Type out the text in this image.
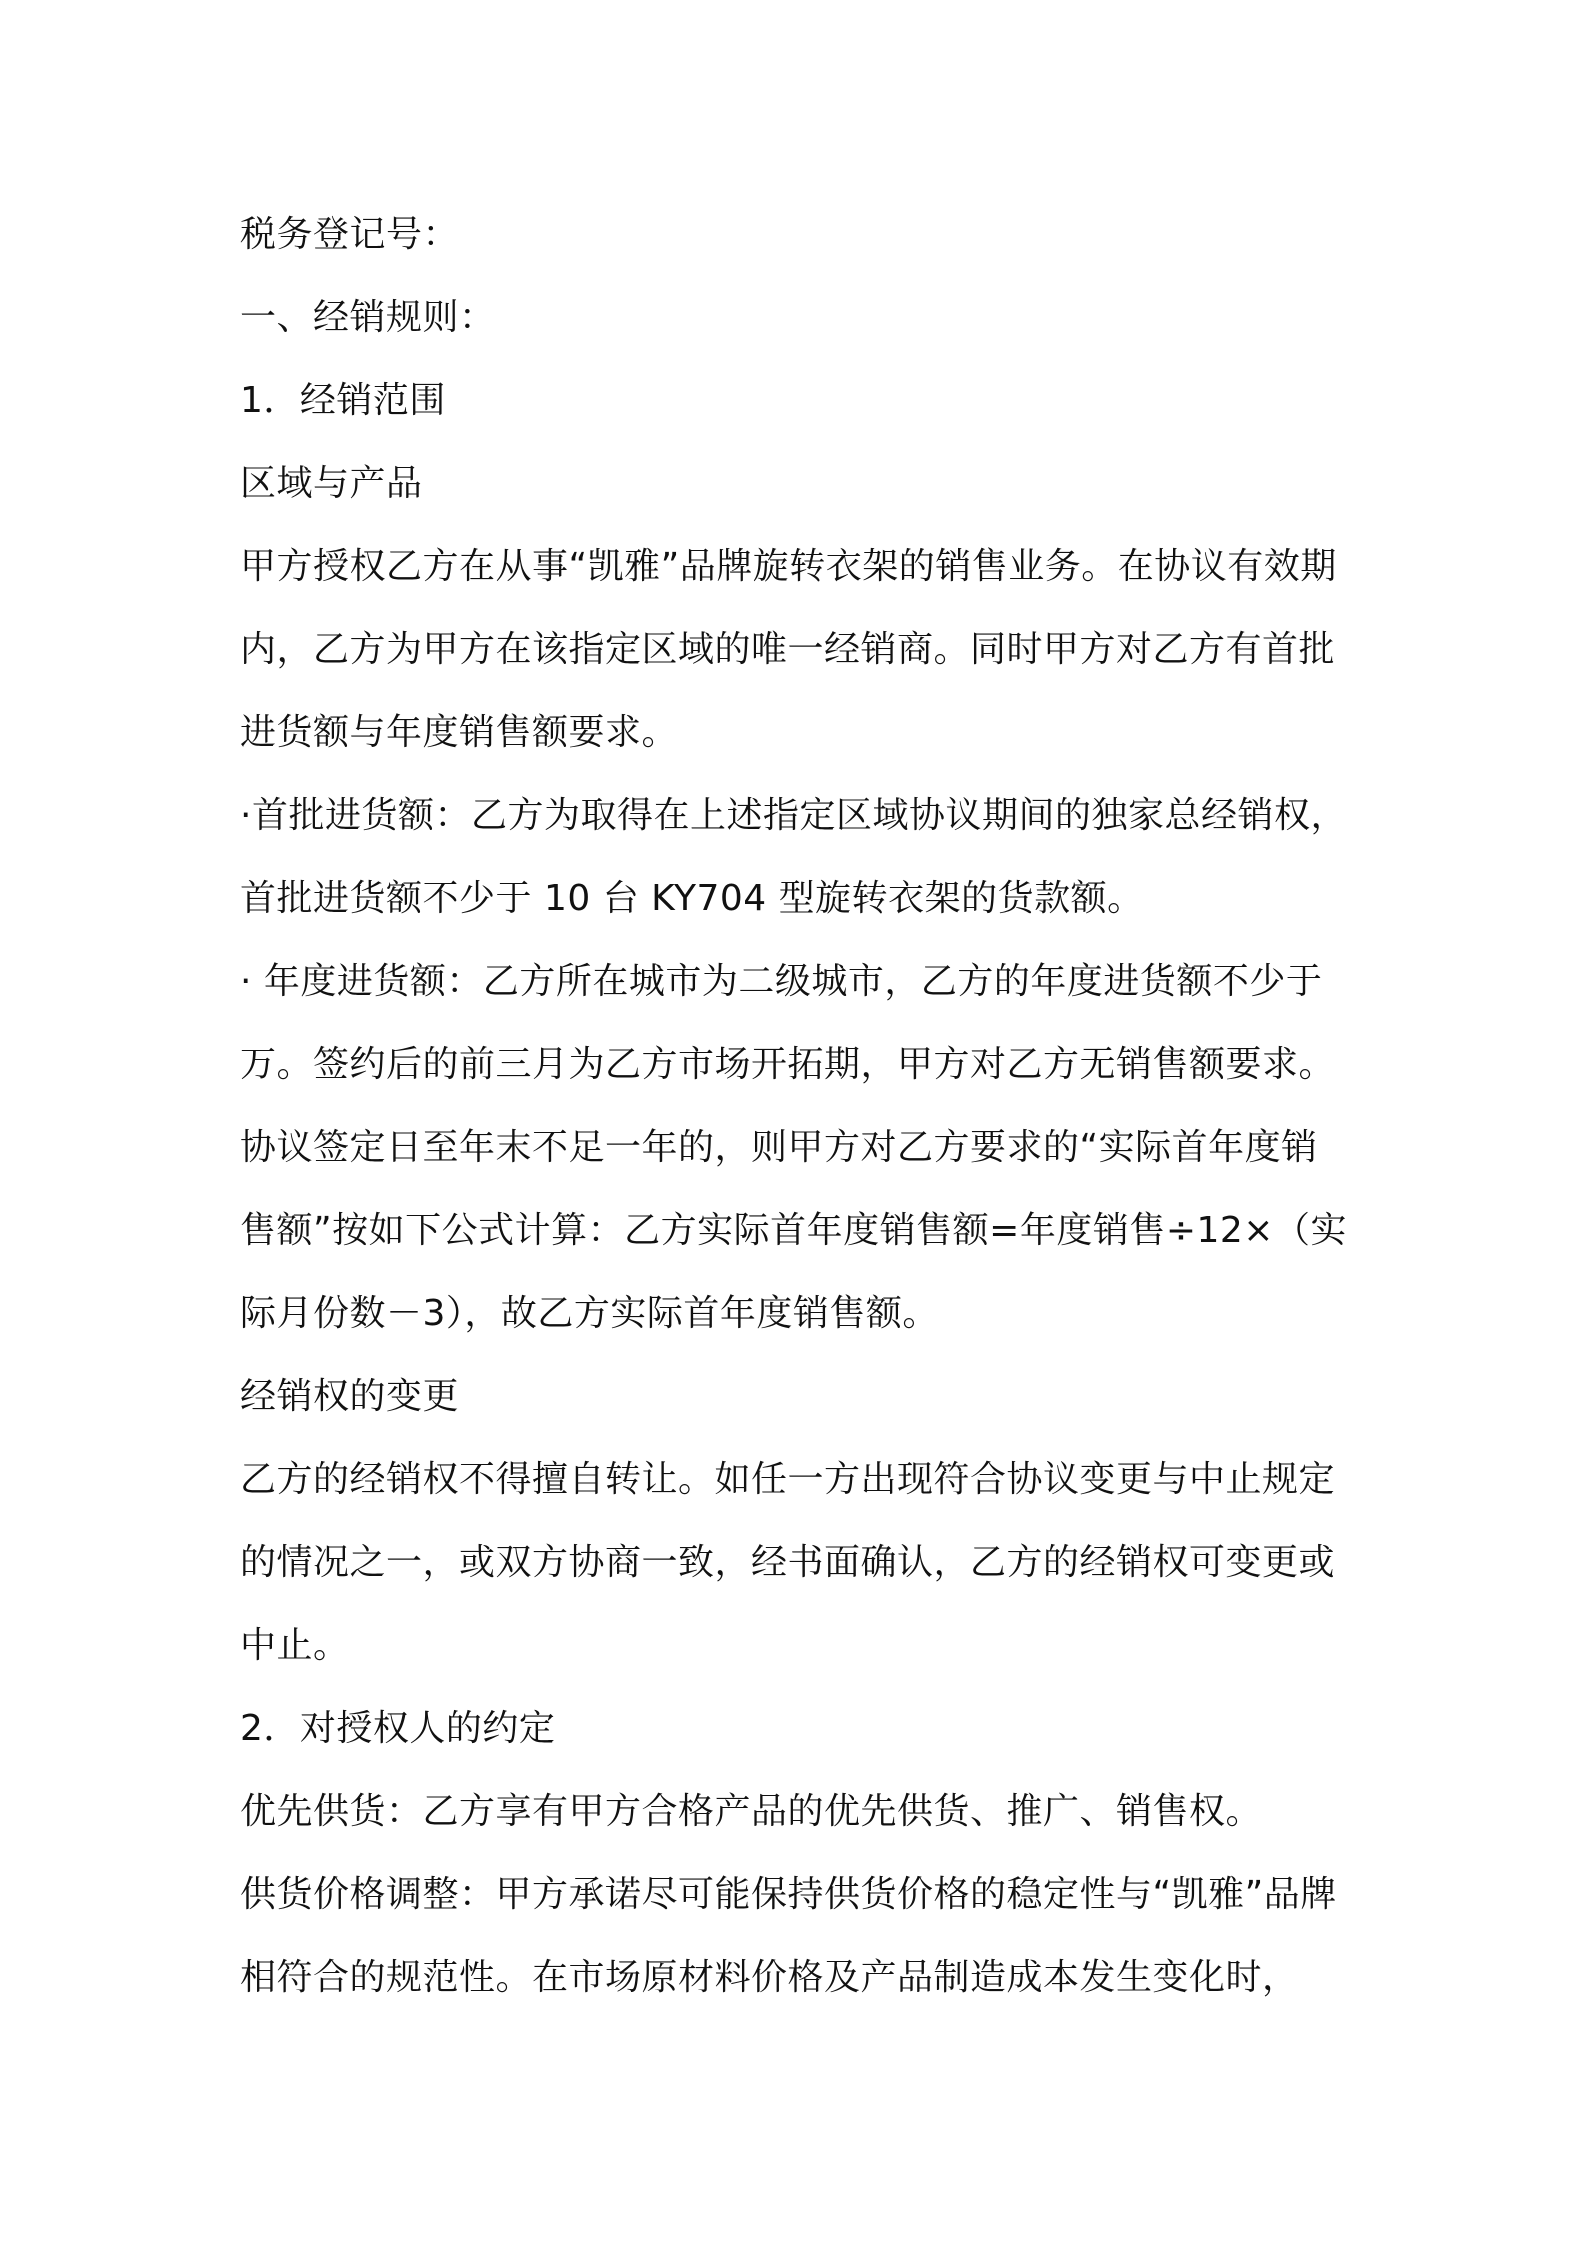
税务登记号：

一、经销规则：

1．经销范围

区域与产品

甲方授权乙方在从事“凯雅”品牌旋转衣架的销售业务。在协议有效期内，乙方为甲方在该指定区域的唯一经销商。同时甲方对乙方有首批进货额与年度销售额要求。

·首批进货额：乙方为取得在上述指定区域协议期间的独家总经销权，首批进货额不少于 10 台 KY704 型旋转衣架的货款额。

· 年度进货额：乙方所在城市为二级城市，乙方的年度进货额不少于万。签约后的前三月为乙方市场开拓期，甲方对乙方无销售额要求。协议签定日至年末不足一年的，则甲方对乙方要求的“实际首年度销售额”按如下公式计算：乙方实际首年度销售额=年度销售÷12×（实际月份数－3），故乙方实际首年度销售额。

经销权的变更

乙方的经销权不得擅自转让。如任一方出现符合协议变更与中止规定的情况之一，或双方协商一致，经书面确认，乙方的经销权可变更或中止。

2．对授权人的约定

优先供货：乙方享有甲方合格产品的优先供货、推广、销售权。

供货价格调整：甲方承诺尽可能保持供货价格的稳定性与“凯雅”品牌相符合的规范性。在市场原材料价格及产品制造成本发生变化时，
